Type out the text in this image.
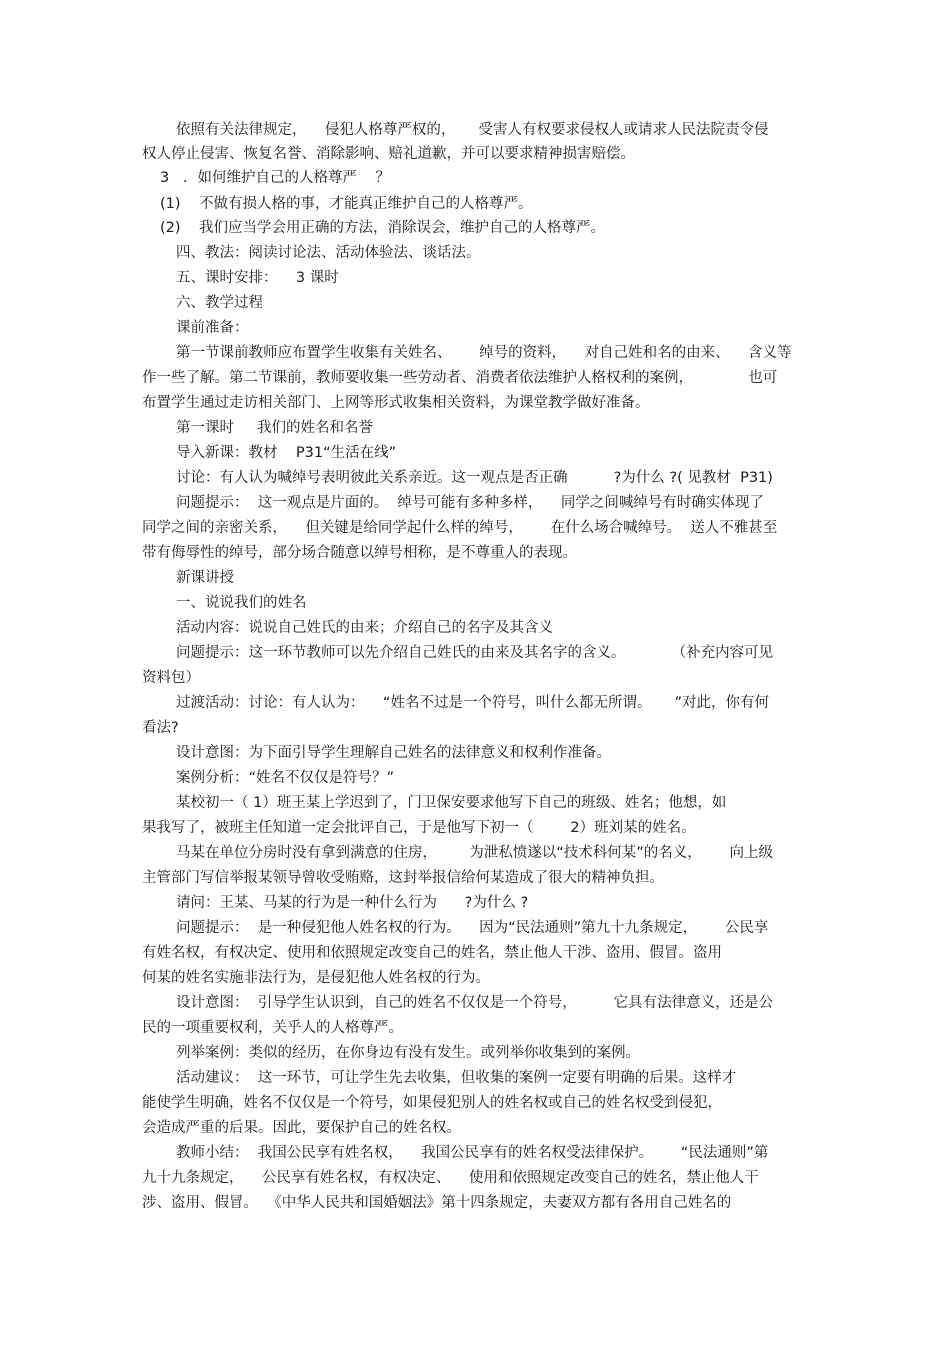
依照有关法律规定，    侵犯人格尊严权的，     受害人有权要求侵权人或请求人民法院责令侵
权人停止侵害、恢复名誉、消除影响、赔礼道歉，并可以要求精神损害赔偿。
3   ．如何维护自己的人格尊严    ？
(1)    不做有损人格的事，才能真正维护自己的人格尊严。
(2)    我们应当学会用正确的方法，消除误会，维护自己的人格尊严。
四、教法：阅读讨论法、活动体验法、谈话法。
五、课时安排：    3 课时
六、教学过程
课前准备：
第一节课前教师应布置学生收集有关姓名、      绰号的资料，    对自己姓和名的由来、    含义等
作一些了解。第二节课前，教师要收集一些劳动者、消费者依法维护人格权利的案例，            也可
布置学生通过走访相关部门、上网等形式收集相关资料，为课堂教学做好准备。
第一课时     我们的姓名和名誉
导入新课：教材    P31“生活在线”
讨论：有人认为喊绰号表明彼此关系亲近。这一观点是否正确          ?为什么 ?( 见教材  P31)
问题提示：  这一观点是片面的。  绰号可能有多种多样，    同学之间喊绰号有时确实体现了
同学之间的亲密关系，    但关键是给同学起什么样的绰号，      在什么场合喊绰号。  送人不雅甚至
带有侮辱性的绰号，部分场合随意以绰号相称，是不尊重人的表现。
新课讲授
一、说说我们的姓名
活动内容：说说自己姓氏的由来；介绍自己的名字及其含义
问题提示：这一环节教师可以先介绍自己姓氏的由来及其名字的含义。          （补充内容可见
资料包）
过渡活动：讨论：有人认为：    “姓名不过是一个符号，叫什么都无所谓。     ”对此，你有何
看法?
设计意图：为下面引导学生理解自己姓名的法律意义和权利作准备。
案例分析：“姓名不仅仅是符号？”
某校初一（ 1）班王某上学迟到了，门卫保安要求他写下自己的班级、姓名；他想，如
果我写了，被班主任知道一定会批评自己，于是他写下初一（        2）班刘某的姓名。
马某在单位分房时没有拿到满意的住房，       为泄私愤遂以“技术科何某”的名义，      向上级
主管部门写信举报某领导曾收受贿赂，这封举报信给何某造成了很大的精神负担。
请问：王某、马某的行为是一种什么行为      ?为什么 ?
问题提示：  是一种侵犯他人姓名权的行为。    因为“民法通则”第九十九条规定，      公民享
有姓名权，有权决定、使用和依照规定改变自己的姓名，禁止他人干涉、盗用、假冒。盗用
何某的姓名实施非法行为，是侵犯他人姓名权的行为。
设计意图：  引导学生认识到，自己的姓名不仅仅是一个符号，        它具有法律意义，还是公
民的一项重要权利，关乎人的人格尊严。
列举案例：类似的经历，在你身边有没有发生。或列举你收集到的案例。
活动建议：  这一环节，可让学生先去收集，但收集的案例一定要有明确的后果。这样才
能使学生明确，姓名不仅仅是一个符号，如果侵犯别人的姓名权或自己的姓名权受到侵犯，
会造成严重的后果。因此，要保护自己的姓名权。
教师小结：  我国公民享有姓名权，    我国公民享有的姓名权受法律保护。      “民法通则”第
九十九条规定，    公民享有姓名权，有权决定、    使用和依照规定改变自己的姓名，禁止他人干
涉、盗用、假冒。  《中华人民共和国婚姻法》第十四条规定，夫妻双方都有各用自己姓名的
